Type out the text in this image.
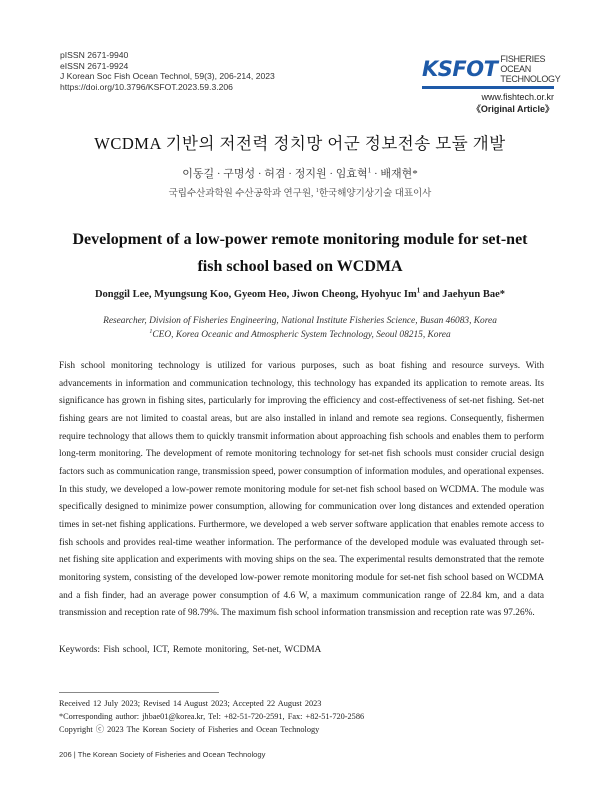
pISSN 2671-9940
eISSN 2671-9924
J Korean Soc Fish Ocean Technol, 59(3), 206-214, 2023
https://doi.org/10.3796/KSFOT.2023.59.3.206
KSFOT FISHERIES OCEAN
TECHNOLOGY
www.fishtech.or.kr
《Original Article》
WCDMA 기반의 저전력 정치망 어군 정보전송 모듈 개발
이동길 · 구명성 · 허겸 · 정지원 · 임효혁$^1$ · 배재현*
국립수산과학원 수산공학과 연구원, $^1$한국해양기상기술 대표이사
Development of a low-power remote monitoring module for set-net fish school based on WCDMA
Donggil Lee, Myungsung Koo, Gyeom Heo, Jiwon Cheong, Hyohyuc Im$^1$ and Jaehyun Bae*
Researcher, Division of Fisheries Engineering, National Institute Fisheries Science, Busan 46083, Korea
$^1$CEO, Korea Oceanic and Atmospheric System Technology, Seoul 08215, Korea
Fish school monitoring technology is utilized for various purposes, such as boat fishing and resource surveys. With advancements in information and communication technology, this technology has expanded its application to remote areas. Its significance has grown in fishing sites, particularly for improving the efficiency and cost-effectiveness of set-net fishing. Set-net fishing gears are not limited to coastal areas, but are also installed in inland and remote sea regions. Consequently, fishermen require technology that allows them to quickly transmit information about approaching fish schools and enables them to perform long-term monitoring. The development of remote monitoring technology for set-net fish schools must consider crucial design factors such as communication range, transmission speed, power consumption of information modules, and operational expenses. In this study, we developed a low-power remote monitoring module for set-net fish school based on WCDMA. The module was specifically designed to minimize power consumption, allowing for communication over long distances and extended operation times in set-net fishing applications. Furthermore, we developed a web server software application that enables remote access to fish schools and provides real-time weather information. The performance of the developed module was evaluated through set-net fishing site application and experiments with moving ships on the sea. The experimental results demonstrated that the remote monitoring system, consisting of the developed low-power remote monitoring module for set-net fish school based on WCDMA and a fish finder, had an average power consumption of 4.6 W, a maximum communication range of 22.84 km, and a data transmission and reception rate of 98.79%. The maximum fish school information transmission and reception rate was 97.26%.
Keywords: Fish school, ICT, Remote monitoring, Set-net, WCDMA
Received 12 July 2023; Revised 14 August 2023; Accepted 22 August 2023
*Corresponding author: jhbae01@korea.kr, Tel: +82-51-720-2591, Fax: +82-51-720-2586
Copyright ⓒ 2023 The Korean Society of Fisheries and Ocean Technology
206 | The Korean Society of Fisheries and Ocean Technology
